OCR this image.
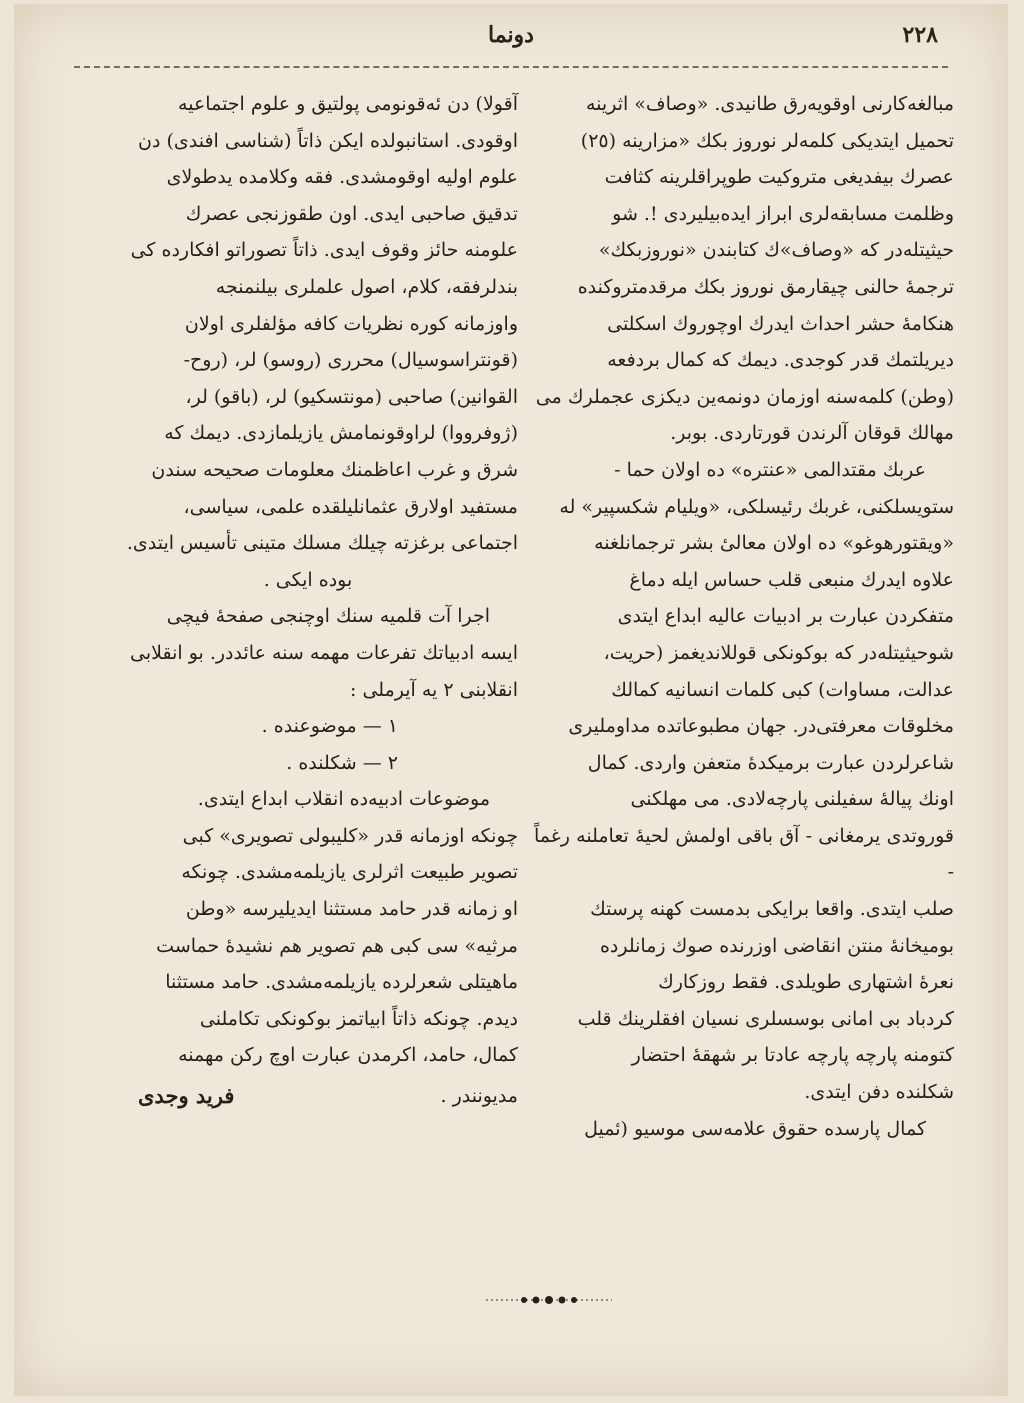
٢٢٨
دونما

مبالغه‌كارنی اوقویه‌رق طانیدی. «وصاف» اثرینه

تحمیل ایتدیكی كلمه‌لر نوروز بكك «مزارینه (٢٥)

عصرك بیفدیغی متروكیت طوپراقلرینه كثافت

وظلمت مسابقه‌لری ابراز ایده‌بیلیردی !. شو

حیثیتله‌در كه «وصاف»ك كتابندن «نوروزبكك»

ترجمهٔ حالنی چیقارمق نوروز بكك مرقدمتروكنده

هنكامهٔ حشر احداث ایدرك اوچوروك اسكلتی

دیریلتمك قدر كوجدی. دیمك كه كمال بردفعه

(وطن) كلمه‌سنه اوزمان دونمه‌ین دیكزی عجملرك می

مهالك قوقان آلرندن قورتاردی. بوبر.

عربك مقتدالمی «عنتره» ده اولان حما -

ستویسلكنی، غربك رئیسلكی، «ویلیام شكسپیر» له

«ویقتورهوغو» ده اولان معالیٔ بشر ترجمانلغنه

علاوه ایدرك منبعی قلب حساس ایله دماغ

متفكردن عبارت بر ادبیات عالیه ابداع ایتدی

شوحیثیتله‌در كه بوكونكی قوللاندیغمز (حریت،

عدالت، مساوات) كبی كلمات انسانیه كمالك

مخلوقات معرفتی‌در. جهان مطبوعاتده مداومليری

شاعرلردن عبارت برمیكدهٔ متعفن واردی. كمال

اونك پیاله‌ٔ سفیلنی پارچه‌لادی. می مهلكنی

قوروتدی یرمغانی - آق باقی اولمش لحیهٔ تعاملنه رغماً -

صلب ایتدی. واقعا برایكی بدمست كهنه پرستك

بومیخانهٔ منتن انقاضی اوزرنده صوك زمانلرده

نعرهٔ اشتهاری طویلدی. فقط روزكارك

كردباد بی امانی بوسسلری نسیان افقلرینك قلب

كتومنه پارچه پارچه عادتا بر شهقهٔ احتضار

شكلنده دفن ایتدی.

كمال پارسده حقوق علامه‌سی موسیو (ئمیل

آقولا) دن ئەقونومی پولتیق و علوم اجتماعیه

اوقودی. استانبولده ایكن ذاتاً (شناسی افندی) دن

علوم اولیه اوقومشدی. فقه وكلامده یدطولای

تدقیق صاحبی ایدی. اون طقوزنجی عصرك

علومنه حائز وقوف ایدی. ذاتاً تصوراتو افكارده كی

بندلرفقه، كلام، اصول علملری بیلنمنجه

واوزمانه كوره نظریات كافه مؤلفلری اولان

(قونتراسوسیال) محرری (روسو) لر، (روح-

القوانین) صاحبی (مونتسكیو) لر، (باقو) لر،

(ژوفرووا) لراوقونمامش یازیلمازدی. دیمك كه

شرق و غرب اعاظمنك معلومات صحیحه سندن

مستفید اولارق عثمانلیلقده علمی، سیاسی،

اجتماعی برغزته چیلك مسلك متینی تأسیس ایتدی.

بوده ایكی .

اجرا آت قلمیه سنك اوچنجی صفحهٔ فیچی

ایسه ادبیاتك تفرعات مهمه سنه عائددر. بو انقلابی

انقلابنی ٢ یه آیرملی :

١ — موضوعنده .

٢ — شكلنده .

موضوعات ادبیه‌ده انقلاب ابداع ایتدی.

چونكه اوزمانه قدر «كلیبولی تصویری» كبی

تصویر طبیعت اثرلری یازیلمه‌مشدی. چونكه

او زمانه قدر حامد مستثنا ایدیلیرسه «وطن

مرثیه» سی كبی هم تصویر هم نشیدهٔ حماست

ماهیتلی شعرلرده یازیلمه‌مشدی. حامد مستثنا

دیدم. چونكه ذاتاً ابیاتمز بوكونكی تكاملنی

كمال، حامد، اكرمدن عبارت اوچ ركن مهمنه

مدیونندر .
فرید وجدی
